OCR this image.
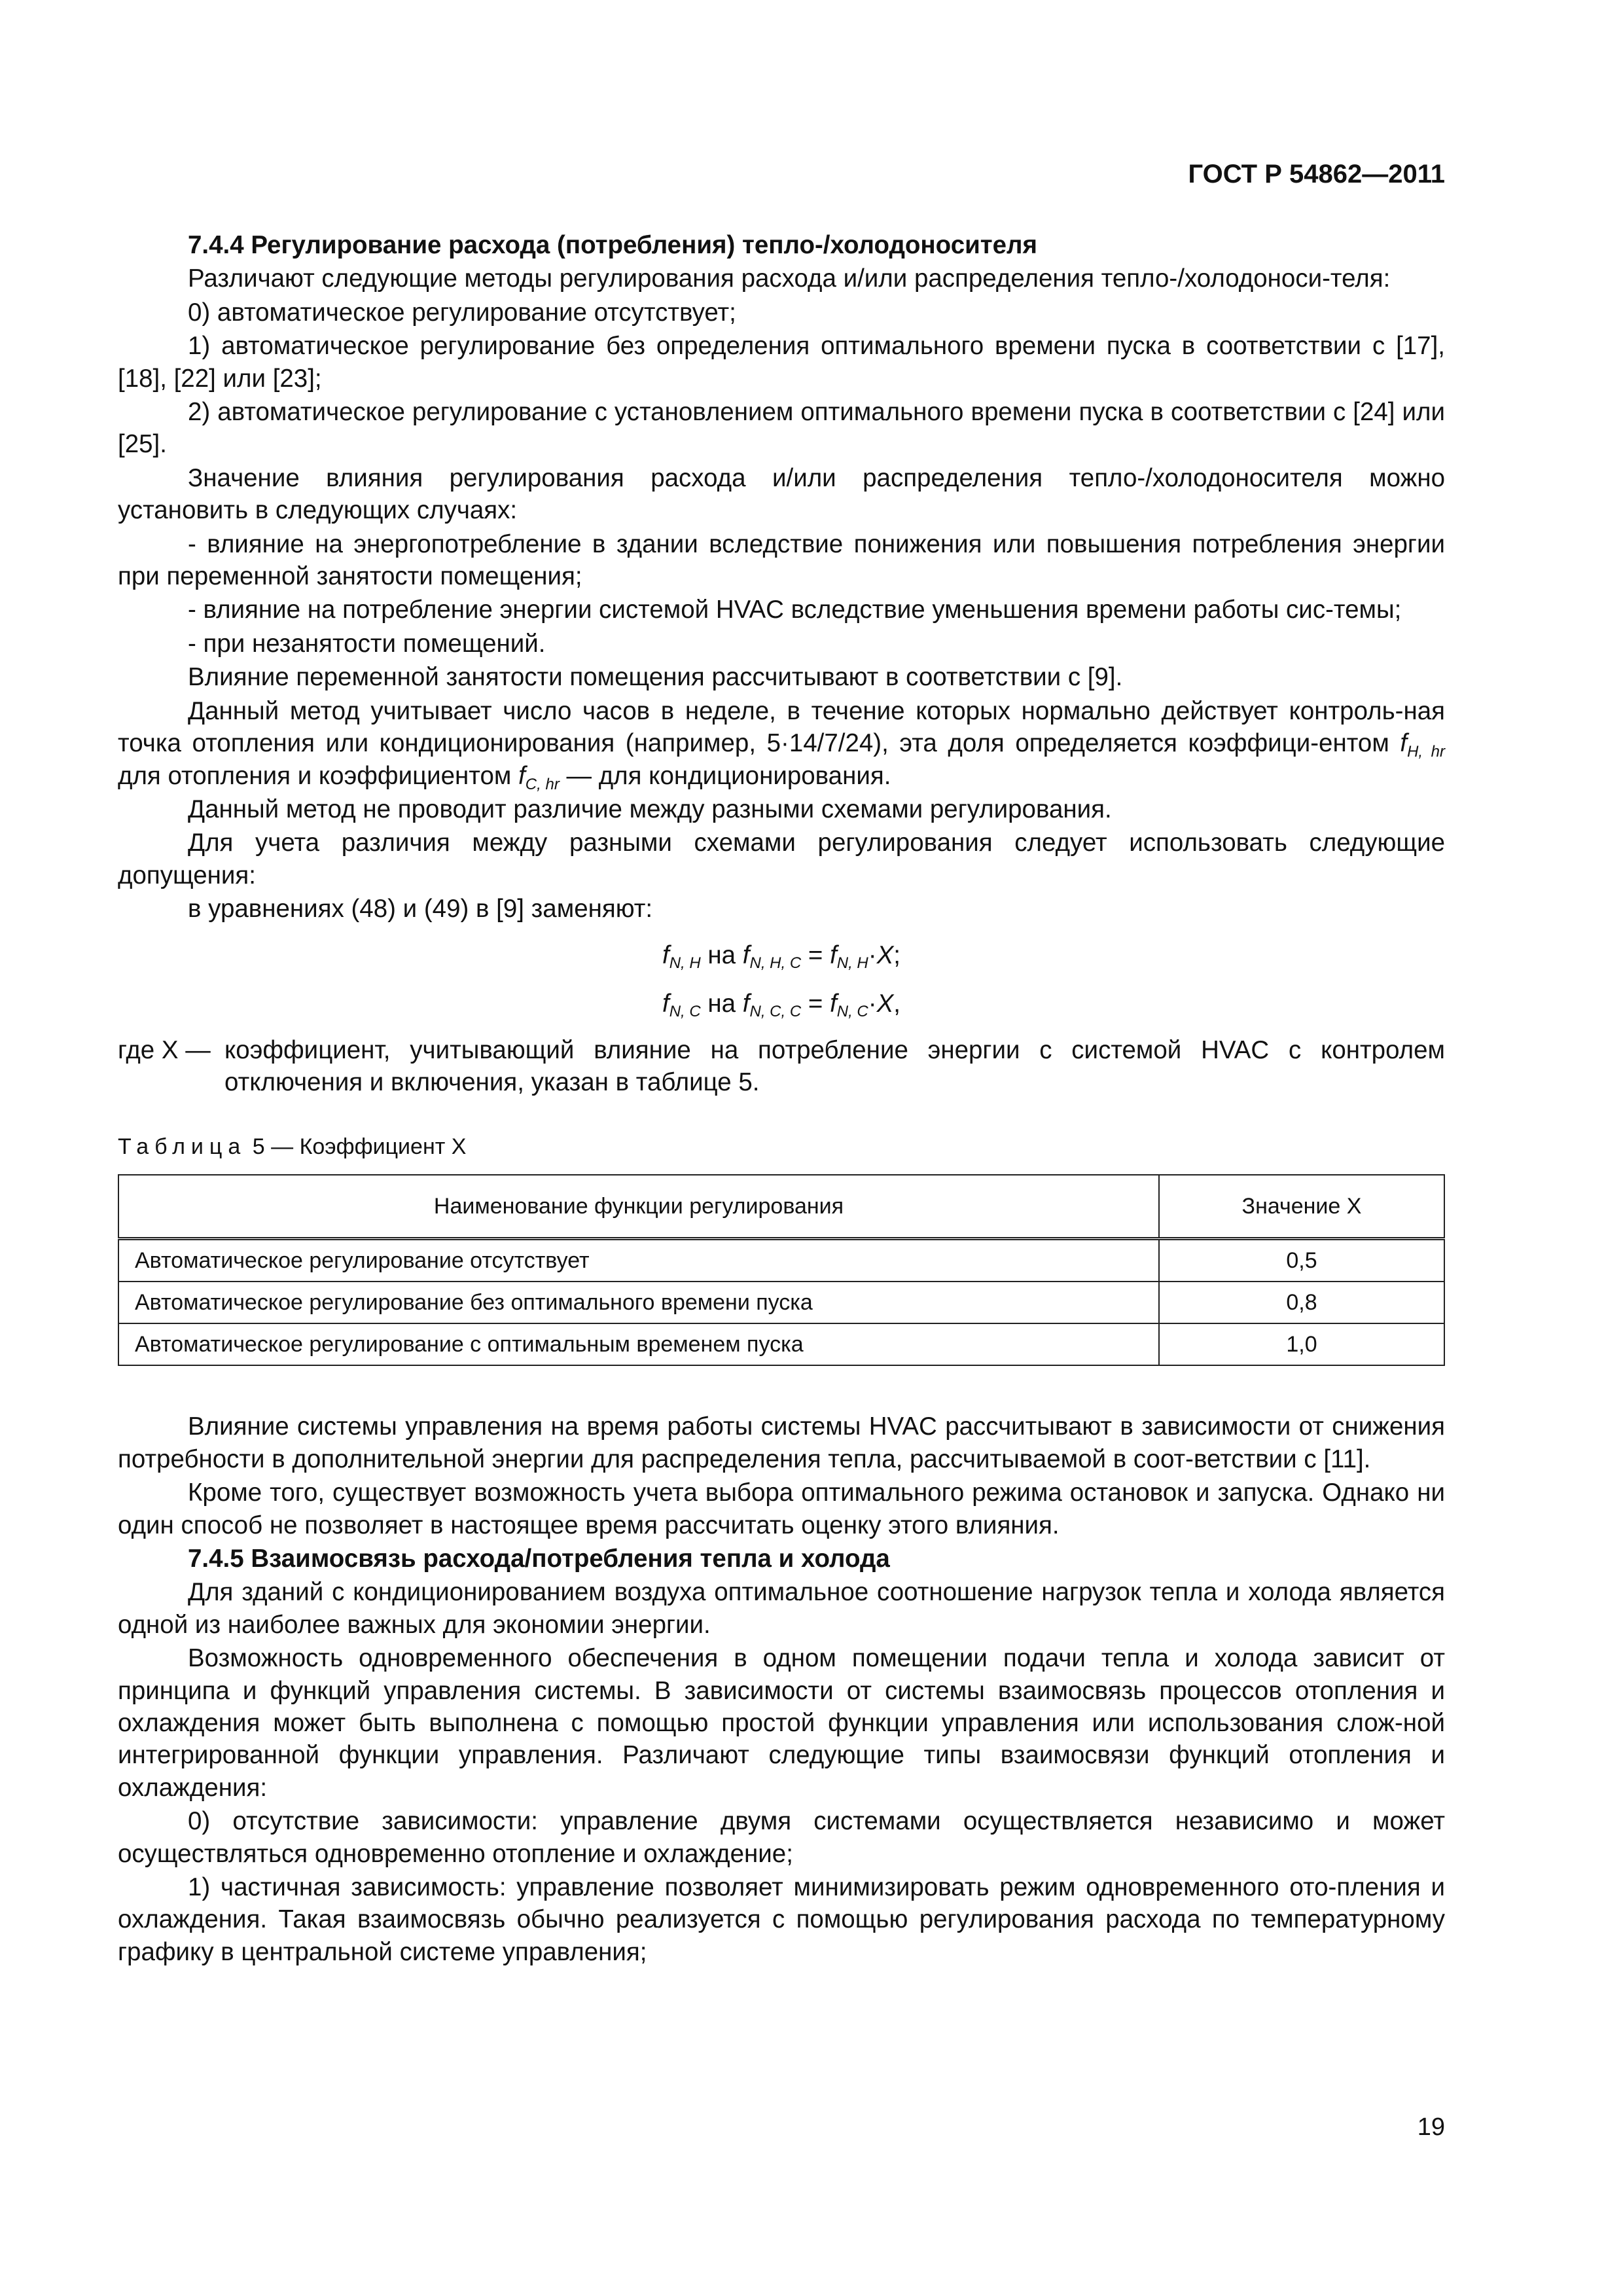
ГОСТ Р 54862—2011
7.4.4 Регулирование расхода (потребления) тепло-/холодоносителя
Различают следующие методы регулирования расхода и/или распределения тепло-/холодоноси-теля:
0) автоматическое регулирование отсутствует;
1) автоматическое регулирование без определения оптимального времени пуска в соответствии с [17], [18], [22] или [23];
2) автоматическое регулирование с установлением оптимального времени пуска в соответствии с [24] или [25].
Значение влияния регулирования расхода и/или распределения тепло-/холодоносителя можно установить в следующих случаях:
- влияние на энергопотребление в здании вследствие понижения или повышения потребления энергии при переменной занятости помещения;
- влияние на потребление энергии системой HVAC вследствие уменьшения времени работы сис-темы;
- при незанятости помещений.
Влияние переменной занятости помещения рассчитывают в соответствии с [9].
Данный метод учитывает число часов в неделе, в течение которых нормально действует контроль-ная точка отопления или кондиционирования (например, 5·14/7/24), эта доля определяется коэффици-ентом $f_{H, hr}$ для отопления и коэффициентом $f_{C, hr}$ — для кондиционирования.
Данный метод не проводит различие между разными схемами регулирования.
Для учета различия между разными схемами регулирования следует использовать следующие допущения:
в уравнениях (48) и (49) в [9] заменяют:
$f_{N, H}$ на $f_{N, H, C} = f_{N, H}\cdot X$;
$f_{N, C}$ на $f_{N, C, C} = f_{N, C}\cdot X$,
где X — коэффициент, учитывающий влияние на потребление энергии с системой HVAC с контролем отключения и включения, указан в таблице 5.
Таблица 5 — Коэффициент X
Наименование функции регулирования	Значение X
Автоматическое регулирование отсутствует	0,5
Автоматическое регулирование без оптимального времени пуска	0,8
Автоматическое регулирование с оптимальным временем пуска	1,0
Влияние системы управления на время работы системы HVAC рассчитывают в зависимости от снижения потребности в дополнительной энергии для распределения тепла, рассчитываемой в соот-ветствии с [11].
Кроме того, существует возможность учета выбора оптимального режима остановок и запуска. Однако ни один способ не позволяет в настоящее время рассчитать оценку этого влияния.
7.4.5 Взаимосвязь расхода/потребления тепла и холода
Для зданий с кондиционированием воздуха оптимальное соотношение нагрузок тепла и холода является одной из наиболее важных для экономии энергии.
Возможность одновременного обеспечения в одном помещении подачи тепла и холода зависит от принципа и функций управления системы. В зависимости от системы взаимосвязь процессов отопления и охлаждения может быть выполнена с помощью простой функции управления или использования слож-ной интегрированной функции управления. Различают следующие типы взаимосвязи функций отопления и охлаждения:
0) отсутствие зависимости: управление двумя системами осуществляется независимо и может осуществляться одновременно отопление и охлаждение;
1) частичная зависимость: управление позволяет минимизировать режим одновременного ото-пления и охлаждения. Такая взаимосвязь обычно реализуется с помощью регулирования расхода по температурному графику в центральной системе управления;
19
